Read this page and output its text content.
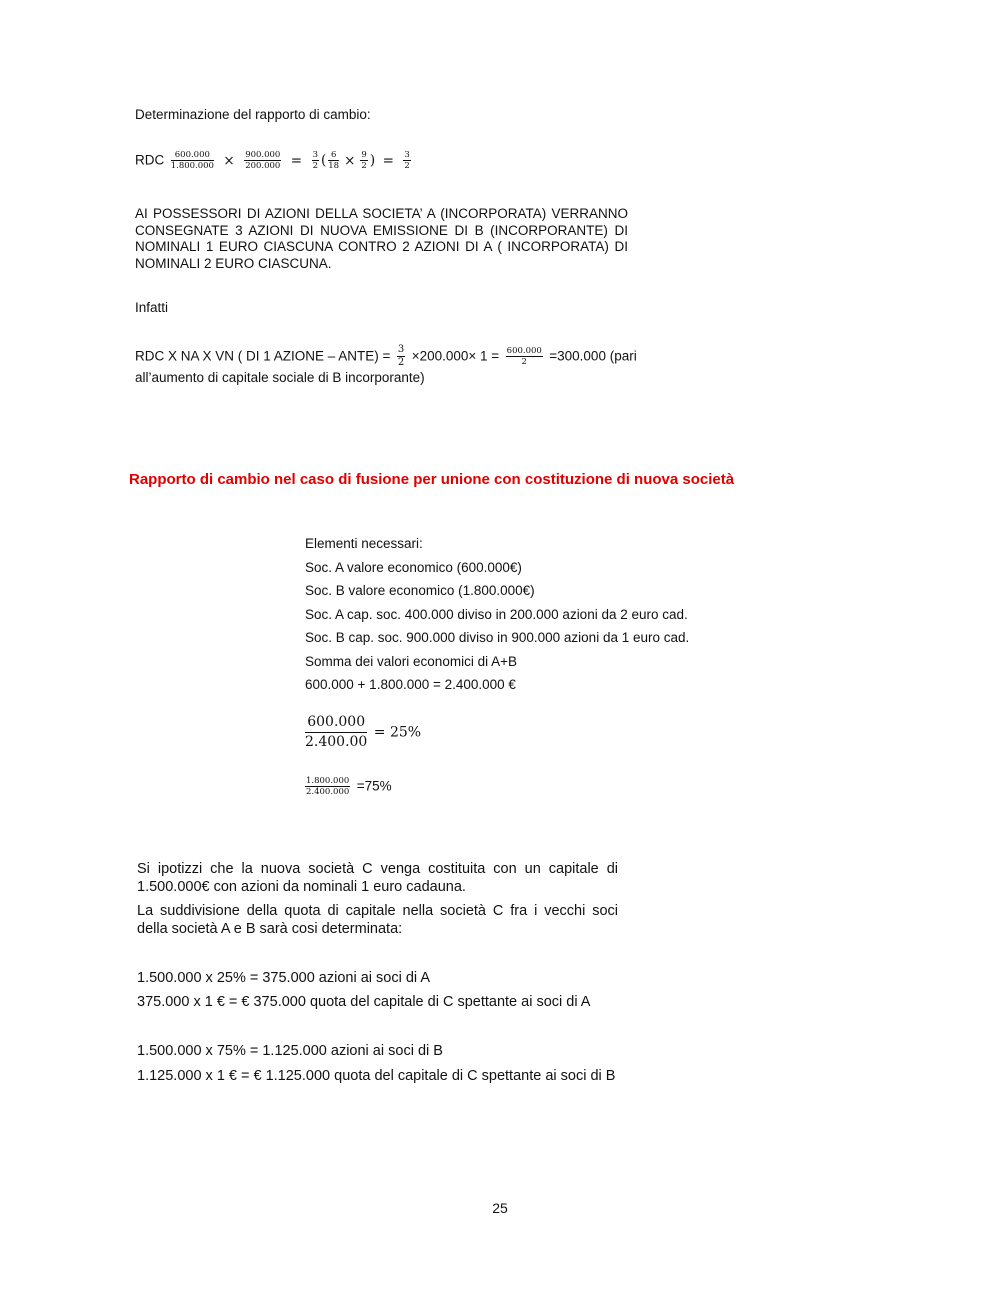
Determinazione del rapporto di cambio:
RDC $\frac{600.000}{1.800.000} \times \frac{900.000}{200.000} = \frac{3}{2}$ ( $\frac{6}{18} \times \frac{9}{2}$ ) = $\frac{3}{2}$
AI POSSESSORI DI AZIONI DELLA SOCIETA’ A (INCORPORATA) VERRANNO CONSEGNATE 3 AZIONI DI NUOVA EMISSIONE DI B (INCORPORANTE) DI NOMINALI 1 EURO CIASCUNA CONTRO 2 AZIONI DI A ( INCORPORATA) DI NOMINALI 2 EURO CIASCUNA.
Infatti
RDC X NA X VN ( DI 1 AZIONE – ANTE) = $\frac{3}{2} \times 200.000\times 1 = \frac{600.000}{2} =300.000$ (pari
all’aumento di capitale sociale di B incorporante)
Rapporto di cambio nel caso di fusione per unione con costituzione di nuova società
Elementi necessari:
Soc. A valore economico (600.000€)
Soc. B valore economico (1.800.000€)
Soc. A cap. soc. 400.000 diviso in 200.000 azioni da 2 euro cad.
Soc. B cap. soc. 900.000 diviso in 900.000 azioni da 1 euro cad.
Somma dei valori economici di A+B
600.000 + 1.800.000 = 2.400.000 €
$\frac{600.000}{2.400.00} = 25\%$
$\frac{1.800.000}{2.400.000} =75\%$
Si ipotizzi che la nuova società C venga costituita con un capitale di 1.500.000€ con azioni da nominali 1 euro cadauna.
La suddivisione della quota di capitale nella società C fra i vecchi soci della società A e B sarà cosi determinata:
1.500.000 x 25% = 375.000 azioni ai soci di A
375.000 x 1 € = € 375.000 quota del capitale di C spettante ai soci di A
1.500.000 x 75% = 1.125.000 azioni ai soci di B
1.125.000 x 1 € = € 1.125.000 quota del capitale di C spettante ai soci di B
25
